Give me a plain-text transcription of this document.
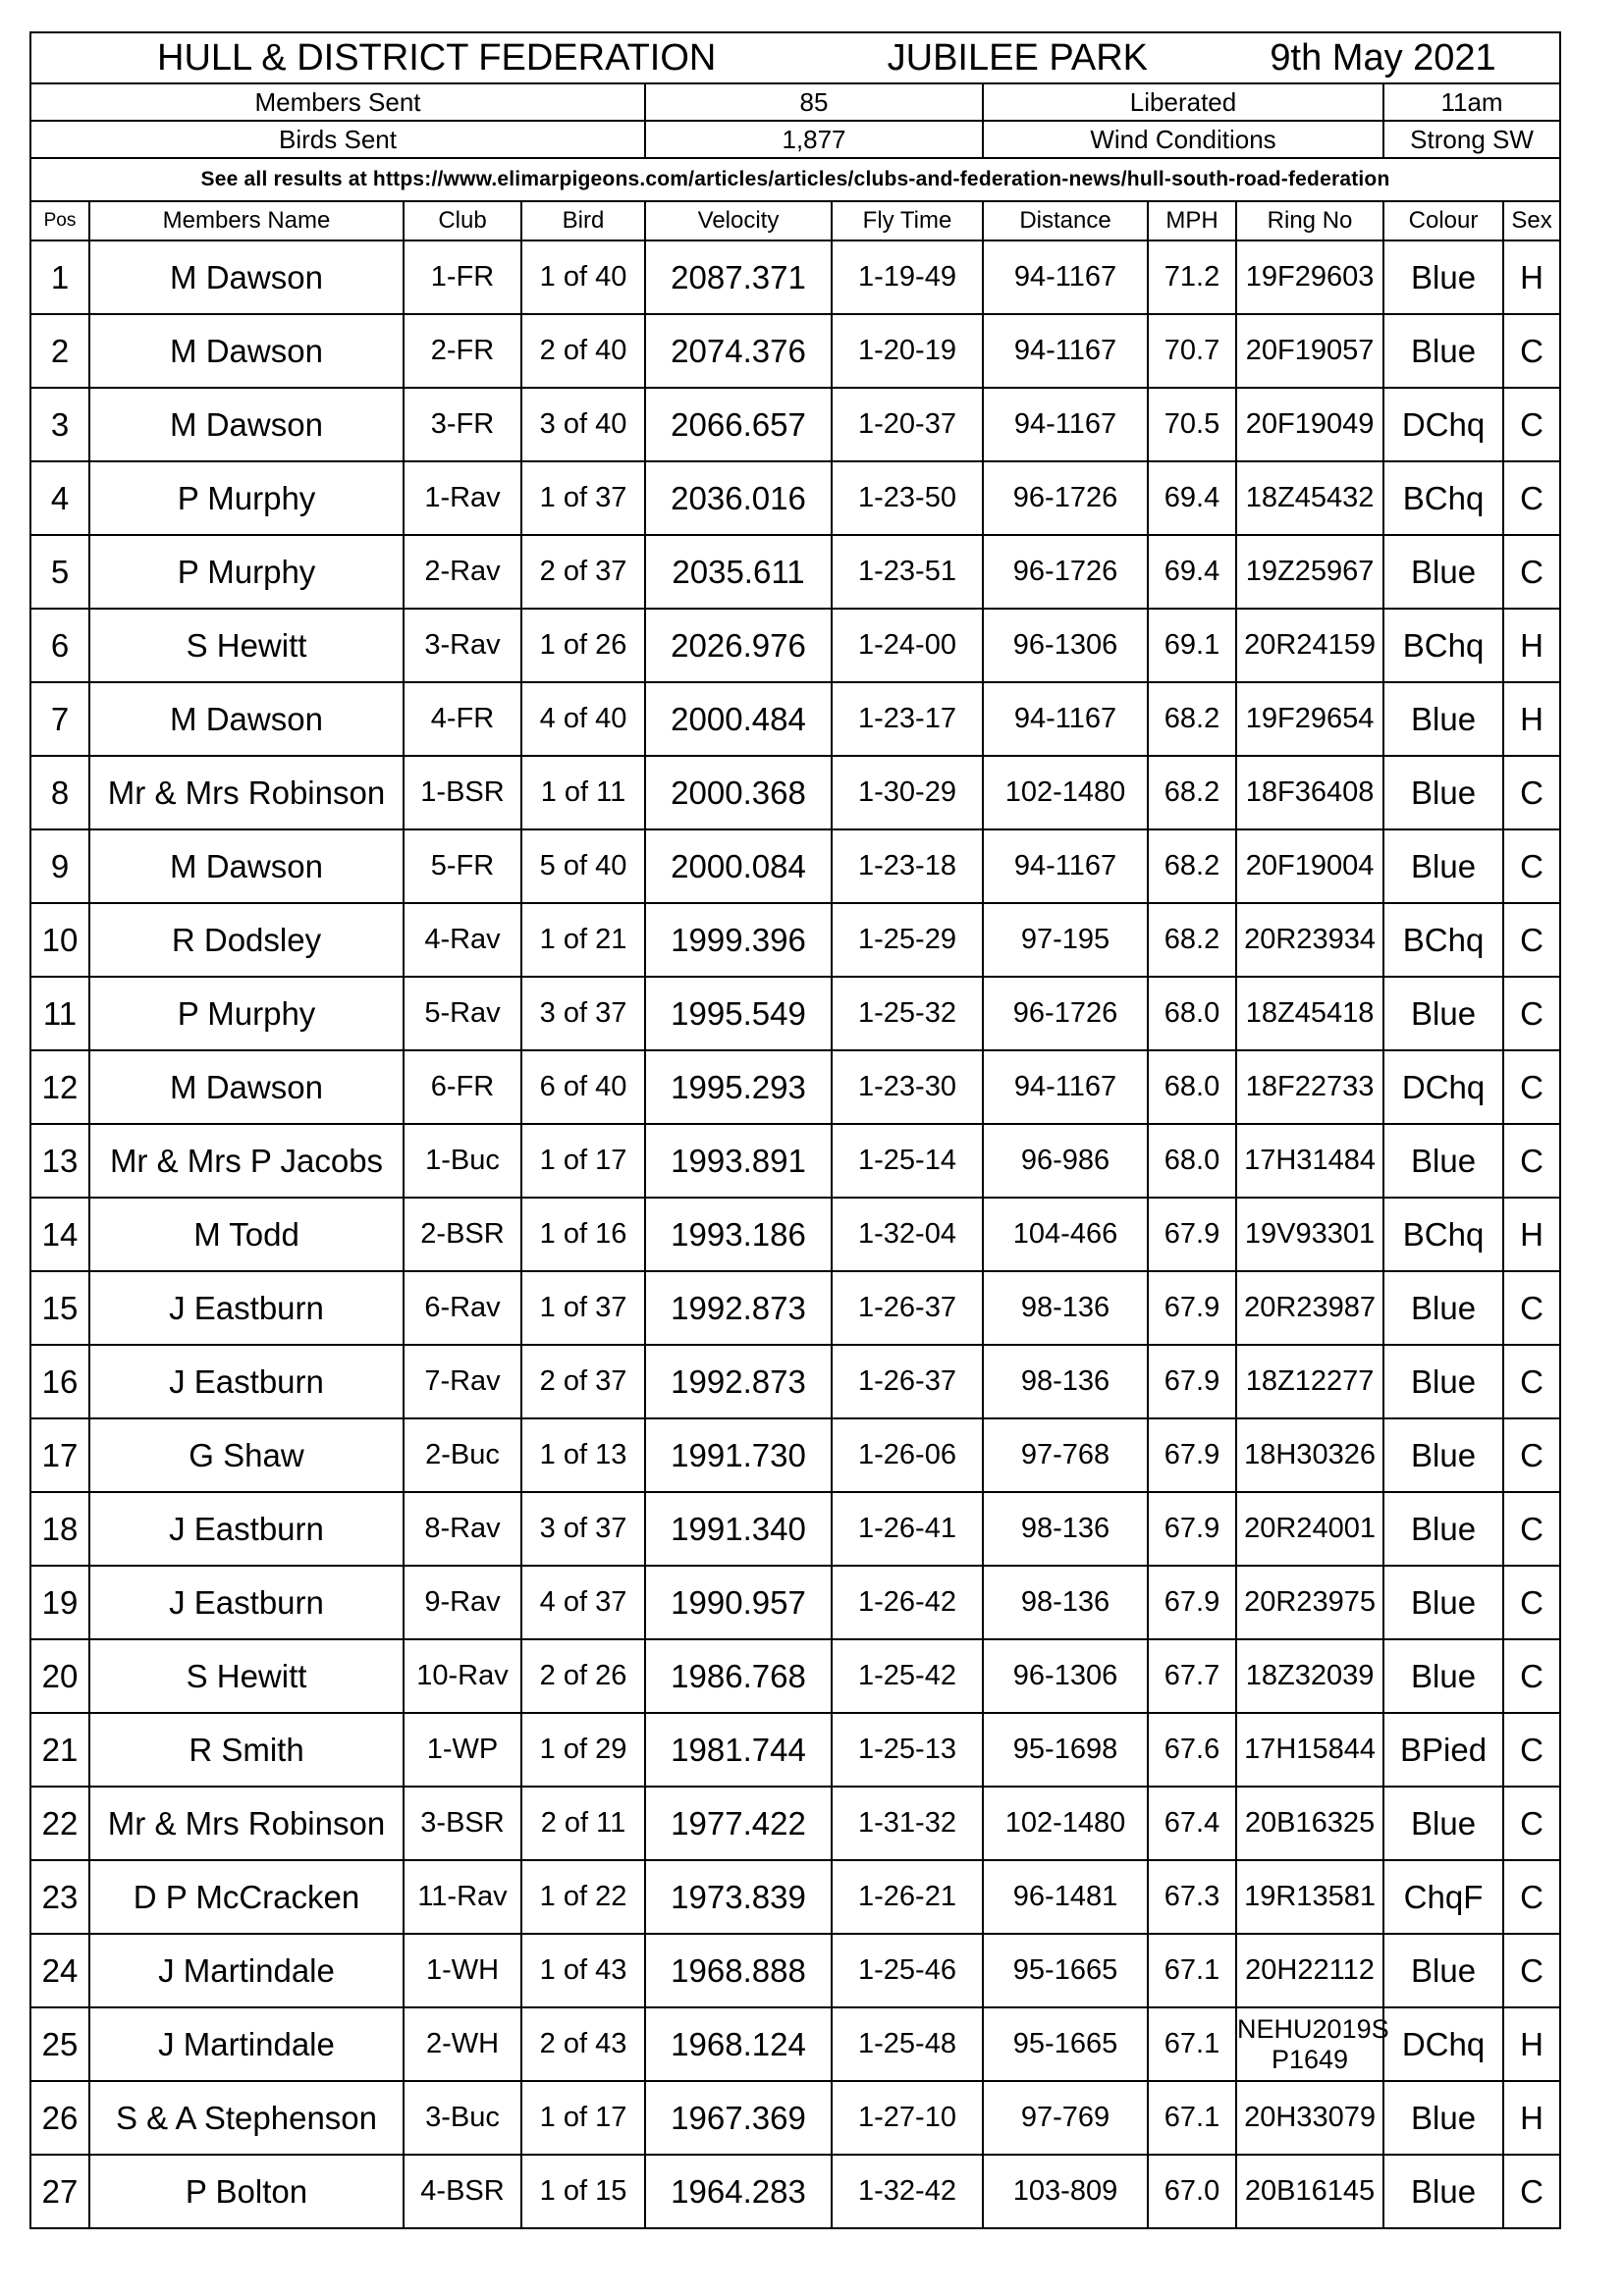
HULL & DISTRICT FEDERATION				JUBILEE PARK			9th May 2021			
Members Sent				85		Liberated			11am	
Birds Sent				1,877		Wind Conditions			Strong SW	
See all results at https://www.elimarpigeons.com/articles/articles/clubs-and-federation-news/hull-south-road-federation										
Pos	Members Name	Club	Bird	Velocity	Fly Time	Distance	MPH	Ring No	Colour	Sex
1	M Dawson	1-FR	1 of 40	2087.371	1-19-49	94-1167	71.2	19F29603	Blue	H
2	M Dawson	2-FR	2 of 40	2074.376	1-20-19	94-1167	70.7	20F19057	Blue	C
3	M Dawson	3-FR	3 of 40	2066.657	1-20-37	94-1167	70.5	20F19049	DChq	C
4	P Murphy	1-Rav	1 of 37	2036.016	1-23-50	96-1726	69.4	18Z45432	BChq	C
5	P Murphy	2-Rav	2 of 37	2035.611	1-23-51	96-1726	69.4	19Z25967	Blue	C
6	S Hewitt	3-Rav	1 of 26	2026.976	1-24-00	96-1306	69.1	20R24159	BChq	H
7	M Dawson	4-FR	4 of 40	2000.484	1-23-17	94-1167	68.2	19F29654	Blue	H
8	Mr & Mrs Robinson	1-BSR	1 of 11	2000.368	1-30-29	102-1480	68.2	18F36408	Blue	C
9	M Dawson	5-FR	5 of 40	2000.084	1-23-18	94-1167	68.2	20F19004	Blue	C
10	R Dodsley	4-Rav	1 of 21	1999.396	1-25-29	97-195	68.2	20R23934	BChq	C
11	P Murphy	5-Rav	3 of 37	1995.549	1-25-32	96-1726	68.0	18Z45418	Blue	C
12	M Dawson	6-FR	6 of 40	1995.293	1-23-30	94-1167	68.0	18F22733	DChq	C
13	Mr & Mrs P Jacobs	1-Buc	1 of 17	1993.891	1-25-14	96-986	68.0	17H31484	Blue	C
14	M Todd	2-BSR	1 of 16	1993.186	1-32-04	104-466	67.9	19V93301	BChq	H
15	J Eastburn	6-Rav	1 of 37	1992.873	1-26-37	98-136	67.9	20R23987	Blue	C
16	J Eastburn	7-Rav	2 of 37	1992.873	1-26-37	98-136	67.9	18Z12277	Blue	C
17	G Shaw	2-Buc	1 of 13	1991.730	1-26-06	97-768	67.9	18H30326	Blue	C
18	J Eastburn	8-Rav	3 of 37	1991.340	1-26-41	98-136	67.9	20R24001	Blue	C
19	J Eastburn	9-Rav	4 of 37	1990.957	1-26-42	98-136	67.9	20R23975	Blue	C
20	S Hewitt	10-Rav	2 of 26	1986.768	1-25-42	96-1306	67.7	18Z32039	Blue	C
21	R Smith	1-WP	1 of 29	1981.744	1-25-13	95-1698	67.6	17H15844	BPied	C
22	Mr & Mrs Robinson	3-BSR	2 of 11	1977.422	1-31-32	102-1480	67.4	20B16325	Blue	C
23	D P McCracken	11-Rav	1 of 22	1973.839	1-26-21	96-1481	67.3	19R13581	ChqF	C
24	J Martindale	1-WH	1 of 43	1968.888	1-25-46	95-1665	67.1	20H22112	Blue	C
25	J Martindale	2-WH	2 of 43	1968.124	1-25-48	95-1665	67.1	NEHU2019S P1649	DChq	H
26	S & A Stephenson	3-Buc	1 of 17	1967.369	1-27-10	97-769	67.1	20H33079	Blue	H
27	P Bolton	4-BSR	1 of 15	1964.283	1-32-42	103-809	67.0	20B16145	Blue	C
